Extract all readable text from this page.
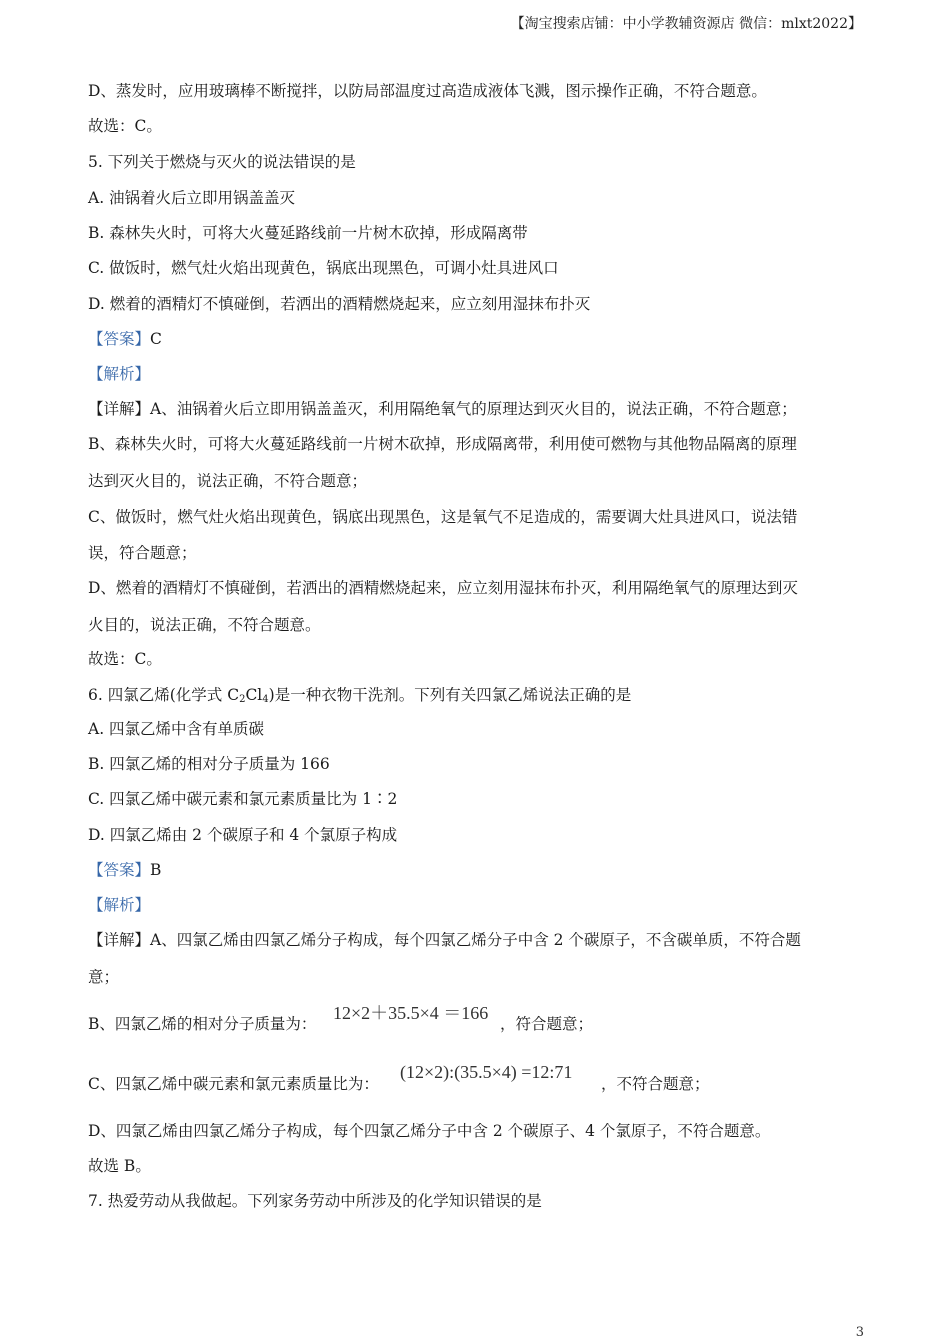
【淘宝搜索店铺：中小学教辅资源店 微信：mlxt2022】
D、蒸发时，应用玻璃棒不断搅拌，以防局部温度过高造成液体飞溅，图示操作正确，不符合题意。
故选：C。
5. 下列关于燃烧与灭火的说法错误的是
A. 油锅着火后立即用锅盖盖灭
B. 森林失火时，可将大火蔓延路线前一片树木砍掉，形成隔离带
C. 做饭时，燃气灶火焰出现黄色，锅底出现黑色，可调小灶具进风口
D. 燃着的酒精灯不慎碰倒，若洒出的酒精燃烧起来，应立刻用湿抹布扑灭
【答案】C
【解析】
【详解】A、油锅着火后立即用锅盖盖灭，利用隔绝氧气的原理达到灭火目的，说法正确，不符合题意；
B、森林失火时，可将大火蔓延路线前一片树木砍掉，形成隔离带，利用使可燃物与其他物品隔离的原理
达到灭火目的，说法正确，不符合题意；
C、做饭时，燃气灶火焰出现黄色，锅底出现黑色，这是氧气不足造成的，需要调大灶具进风口，说法错
误，符合题意；
D、燃着的酒精灯不慎碰倒，若洒出的酒精燃烧起来，应立刻用湿抹布扑灭，利用隔绝氧气的原理达到灭
火目的，说法正确，不符合题意。
故选：C。
6. 四氯乙烯(化学式 $C_2Cl_4$)是一种衣物干洗剂。下列有关四氯乙烯说法正确的是
A. 四氯乙烯中含有单质碳
B. 四氯乙烯的相对分子质量为 166
C. 四氯乙烯中碳元素和氯元素质量比为 1∶2
D. 四氯乙烯由 2 个碳原子和 4 个氯原子构成
【答案】B
【解析】
【详解】A、四氯乙烯由四氯乙烯分子构成，每个四氯乙烯分子中含 2 个碳原子，不含碳单质，不符合题
意；
B、四氯乙烯的相对分子质量为：
12×2＋35.5×4 ＝166
，符合题意；
C、四氯乙烯中碳元素和氯元素质量比为：
(12×2):(35.5×4) =12:71
，不符合题意；
D、四氯乙烯由四氯乙烯分子构成，每个四氯乙烯分子中含 2 个碳原子、4 个氯原子，不符合题意。
故选 B。
7. 热爱劳动从我做起。下列家务劳动中所涉及的化学知识错误的是
3
